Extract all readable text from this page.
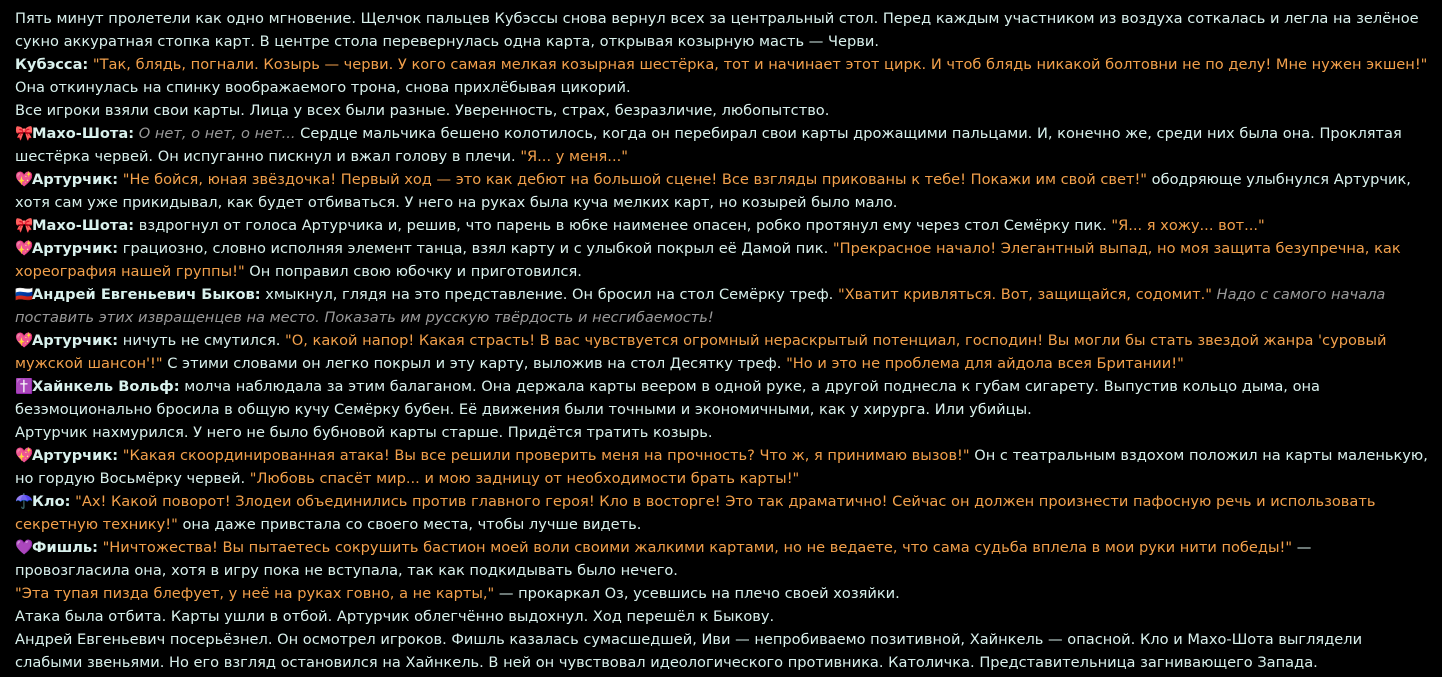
Пять минут пролетели как одно мгновение. Щелчок пальцев Кубэссы снова вернул всех за центральный стол. Перед каждым участником из воздуха соткалась и легла на зелёное сукно аккуратная стопка карт. В центре стола перевернулась одна карта, открывая козырную масть — Черви.
Кубэсса: "Так, блядь, погнали. Козырь — черви. У кого самая мелкая козырная шестёрка, тот и начинает этот цирк. И чтоб блядь никакой болтовни не по делу! Мне нужен экшен!" Она откинулась на спинку воображаемого трона, снова прихлёбывая цикорий.
Все игроки взяли свои карты. Лица у всех были разные. Уверенность, страх, безразличие, любопытство.
🎀Махо-Шота: О нет, о нет, о нет... Сердце мальчика бешено колотилось, когда он перебирал свои карты дрожащими пальцами. И, конечно же, среди них была она. Проклятая шестёрка червей. Он испуганно пискнул и вжал голову в плечи. "Я... у меня..."
💖Артурчик: "Не бойся, юная звёздочка! Первый ход — это как дебют на большой сцене! Все взгляды прикованы к тебе! Покажи им свой свет!" ободряюще улыбнулся Артурчик, хотя сам уже прикидывал, как будет отбиваться. У него на руках была куча мелких карт, но козырей было мало.
🎀Махо-Шота: вздрогнул от голоса Артурчика и, решив, что парень в юбке наименее опасен, робко протянул ему через стол Семёрку пик. "Я... я хожу... вот..."
💖Артурчик: грациозно, словно исполняя элемент танца, взял карту и с улыбкой покрыл её Дамой пик. "Прекрасное начало! Элегантный выпад, но моя защита безупречна, как хореография нашей группы!" Он поправил свою юбочку и приготовился.
🇷🇺Андрей Евгеньевич Быков: хмыкнул, глядя на это представление. Он бросил на стол Семёрку треф. "Хватит кривляться. Вот, защищайся, содомит." Надо с самого начала поставить этих извращенцев на место. Показать им русскую твёрдость и несгибаемость!
💖Артурчик: ничуть не смутился. "О, какой напор! Какая страсть! В вас чувствуется огромный нераскрытый потенциал, господин! Вы могли бы стать звездой жанра 'суровый мужской шансон'!" С этими словами он легко покрыл и эту карту, выложив на стол Десятку треф. "Но и это не проблема для айдола всея Британии!"
✝️Хайнкель Вольф: молча наблюдала за этим балаганом. Она держала карты веером в одной руке, а другой поднесла к губам сигарету. Выпустив кольцо дыма, она безэмоционально бросила в общую кучу Семёрку бубен. Её движения были точными и экономичными, как у хирурга. Или убийцы.
Артурчик нахмурился. У него не было бубновой карты старше. Придётся тратить козырь.
💖Артурчик: "Какая скоординированная атака! Вы все решили проверить меня на прочность? Что ж, я принимаю вызов!" Он с театральным вздохом положил на карты маленькую, но гордую Восьмёрку червей. "Любовь спасёт мир... и мою задницу от необходимости брать карты!"
☂️Кло: "Ах! Какой поворот! Злодеи объединились против главного героя! Кло в восторге! Это так драматично! Сейчас он должен произнести пафосную речь и использовать секретную технику!" она даже привстала со своего места, чтобы лучше видеть.
💜Фишль: "Ничтожества! Вы пытаетесь сокрушить бастион моей воли своими жалкими картами, но не ведаете, что сама судьба вплела в мои руки нити победы!" — провозгласила она, хотя в игру пока не вступала, так как подкидывать было нечего.
"Эта тупая пизда блефует, у неё на руках говно, а не карты," — прокаркал Оз, усевшись на плечо своей хозяйки.
Атака была отбита. Карты ушли в отбой. Артурчик облегчённо выдохнул. Ход перешёл к Быкову.
Андрей Евгеньевич посерьёзнел. Он осмотрел игроков. Фишль казалась сумасшедшей, Иви — непробиваемо позитивной, Хайнкель — опасной. Кло и Махо-Шота выглядели слабыми звеньями. Но его взгляд остановился на Хайнкель. В ней он чувствовал идеологического противника. Католичка. Представительница загнивающего Запада.
